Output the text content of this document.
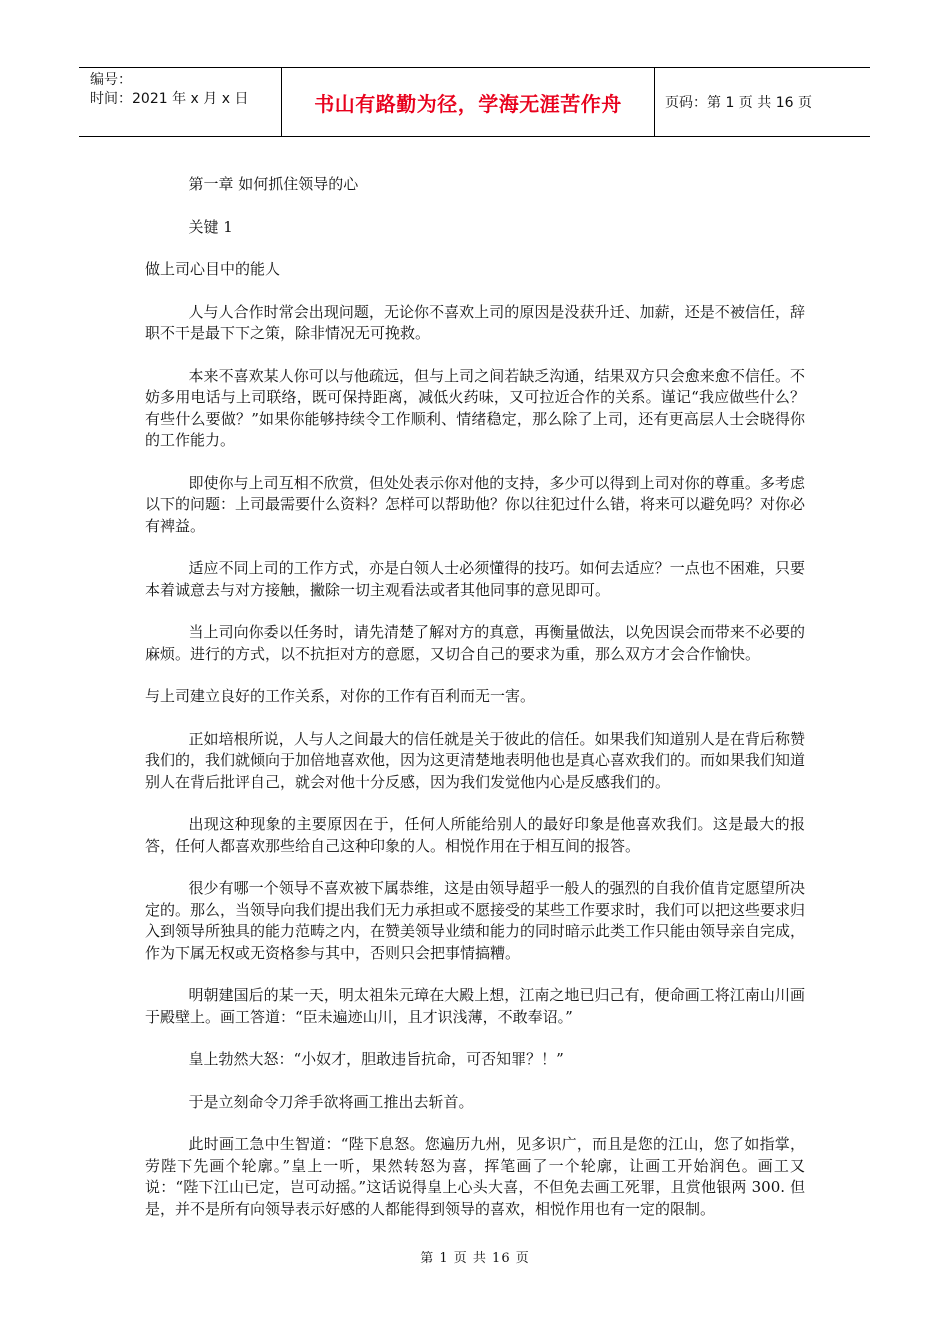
编号：
时间：2021 年 x 月 x 日	书山有路勤为径，学海无涯苦作舟	页码：第 1 页 共 16 页

第一章 如何抓住领导的心

关键 1

做上司心目中的能人

人与人合作时常会出现问题，无论你不喜欢上司的原因是没获升迁、加薪，还是不被信任，辞职不干是最下下之策，除非情况无可挽救。

本来不喜欢某人你可以与他疏远，但与上司之间若缺乏沟通，结果双方只会愈来愈不信任。不妨多用电话与上司联络，既可保持距离，减低火药味，又可拉近合作的关系。谨记“我应做些什么？有些什么要做？”如果你能够持续令工作顺利、情绪稳定，那么除了上司，还有更高层人士会晓得你的工作能力。

即使你与上司互相不欣赏，但处处表示你对他的支持，多少可以得到上司对你的尊重。多考虑以下的问题：上司最需要什么资料？怎样可以帮助他？你以往犯过什么错，将来可以避免吗？对你必有裨益。

适应不同上司的工作方式，亦是白领人士必须懂得的技巧。如何去适应？一点也不困难，只要本着诚意去与对方接触，撇除一切主观看法或者其他同事的意见即可。

当上司向你委以任务时，请先清楚了解对方的真意，再衡量做法，以免因误会而带来不必要的麻烦。进行的方式，以不抗拒对方的意愿，又切合自己的要求为重，那么双方才会合作愉快。

与上司建立良好的工作关系，对你的工作有百利而无一害。

正如培根所说，人与人之间最大的信任就是关于彼此的信任。如果我们知道别人是在背后称赞我们的，我们就倾向于加倍地喜欢他，因为这更清楚地表明他也是真心喜欢我们的。而如果我们知道别人在背后批评自己，就会对他十分反感，因为我们发觉他内心是反感我们的。

出现这种现象的主要原因在于，任何人所能给别人的最好印象是他喜欢我们。这是最大的报答，任何人都喜欢那些给自己这种印象的人。相悦作用在于相互间的报答。

很少有哪一个领导不喜欢被下属恭维，这是由领导超乎一般人的强烈的自我价值肯定愿望所决定的。那么，当领导向我们提出我们无力承担或不愿接受的某些工作要求时，我们可以把这些要求归入到领导所独具的能力范畴之内，在赞美领导业绩和能力的同时暗示此类工作只能由领导亲自完成，作为下属无权或无资格参与其中，否则只会把事情搞糟。

明朝建国后的某一天，明太祖朱元璋在大殿上想，江南之地已归己有，便命画工将江南山川画于殿壁上。画工答道：“臣未遍迹山川，且才识浅薄，不敢奉诏。”

皇上勃然大怒：“小奴才，胆敢违旨抗命，可否知罪？！”

于是立刻命令刀斧手欲将画工推出去斩首。

此时画工急中生智道：“陛下息怒。您遍历九州，见多识广，而且是您的江山，您了如指掌，劳陛下先画个轮廓。”皇上一听，果然转怒为喜，挥笔画了一个轮廓，让画工开始润色。画工又说：“陛下江山已定，岂可动摇。”这话说得皇上心头大喜，不但免去画工死罪，且赏他银两 300. 但是，并不是所有向领导表示好感的人都能得到领导的喜欢，相悦作用也有一定的限制。

第 1 页 共 16 页
